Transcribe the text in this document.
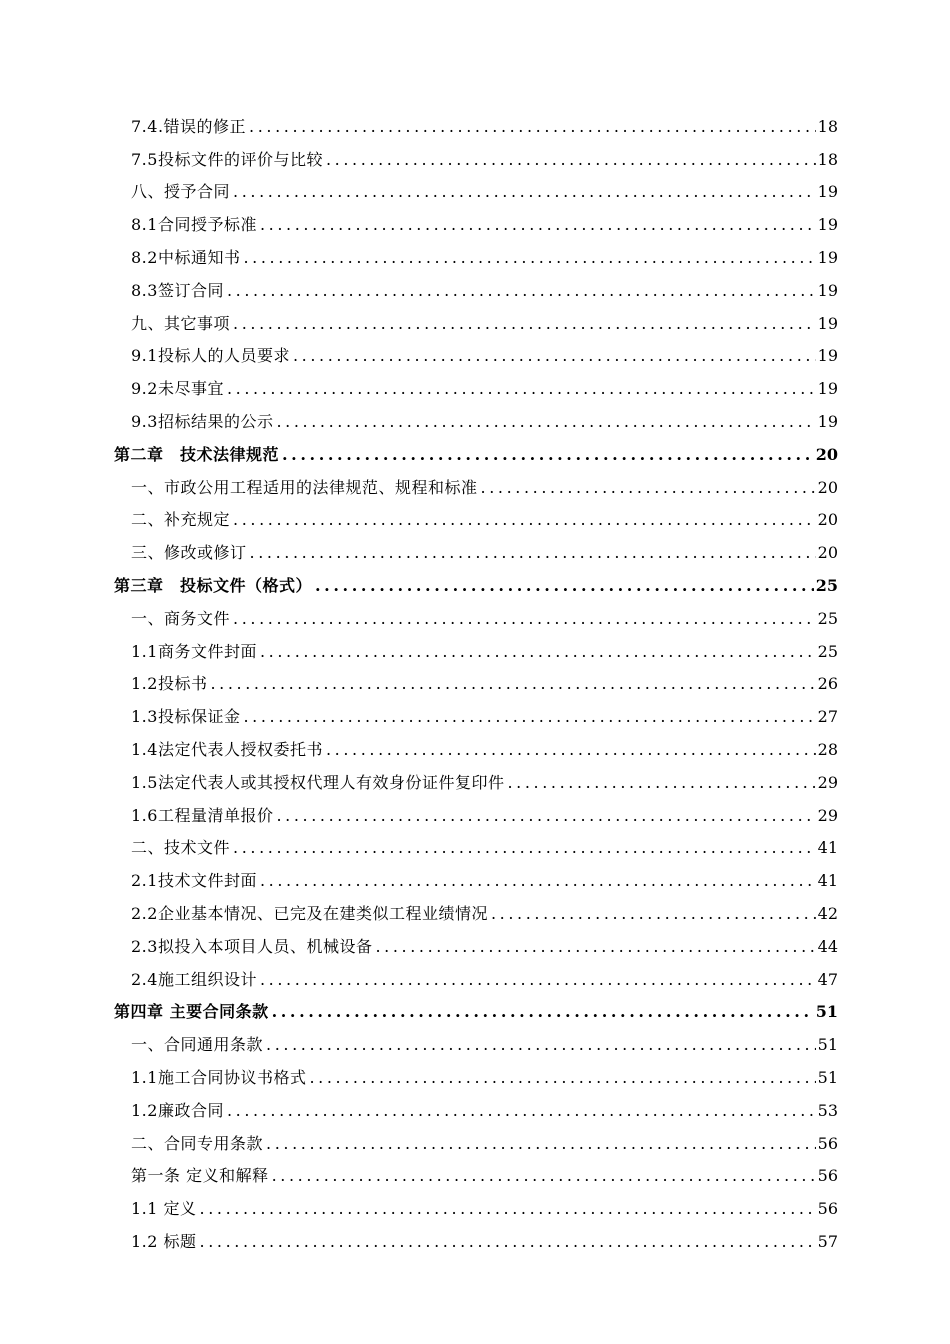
7.4.错误的修正 .....	18
7.5投标文件的评价与比较 .....	18
八、授予合同 .....	19
8.1合同授予标准 .....	19
8.2中标通知书 .....	19
8.3签订合同 .....	19
九、其它事项 .....	19
9.1投标人的人员要求 .....	19
9.2未尽事宜 .....	19
9.3招标结果的公示 .....	19
第二章　技术法律规范 .....	20
一、市政公用工程适用的法律规范、规程和标准 .....	20
二、补充规定 .....	20
三、修改或修订 .....	20
第三章　投标文件（格式） .....	25
一、商务文件 .....	25
1.1商务文件封面 .....	25
1.2投标书 .....	26
1.3投标保证金 .....	27
1.4法定代表人授权委托书 .....	28
1.5法定代表人或其授权代理人有效身份证件复印件 .....	29
1.6工程量清单报价 .....	29
二、技术文件 .....	41
2.1技术文件封面 .....	41
2.2企业基本情况、已完及在建类似工程业绩情况 .....	42
2.3拟投入本项目人员、机械设备 .....	44
2.4施工组织设计 .....	47
第四章 主要合同条款 .....	51
一、合同通用条款 .....	51
1.1施工合同协议书格式 .....	51
1.2廉政合同 .....	53
二、合同专用条款 .....	56
第一条 定义和解释 .....	56
1.1 定义 .....	56
1.2 标题 .....	57
